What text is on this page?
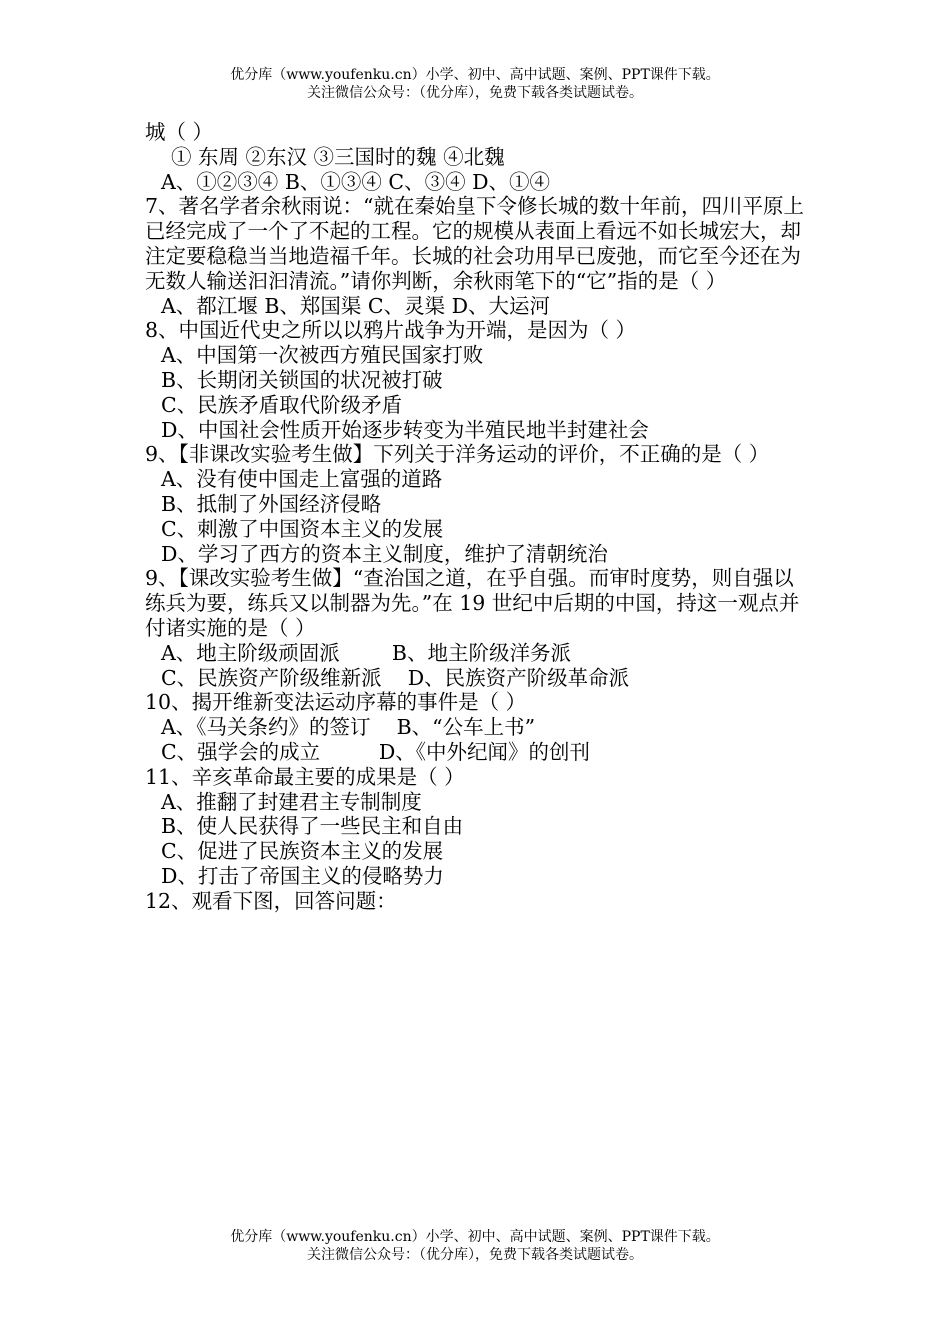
优分库（www.youfenku.cn）小学、初中、高中试题、案例、PPT课件下载。
关注微信公众号：（优分库），免费下载各类试题试卷。
城（ ）
① 东周 ②东汉 ③三国时的魏 ④北魏
A、①②③④ B、①③④ C、③④ D、①④
7、著名学者余秋雨说：“就在秦始皇下令修长城的数十年前，四川平原上已经完成了一个了不起的工程。它的规模从表面上看远不如长城宏大，却注定要稳稳当当地造福千年。长城的社会功用早已废弛，而它至今还在为无数人输送汩汩清流。”请你判断，余秋雨笔下的“它”指的是（ ）
A、都江堰 B、郑国渠 C、灵渠 D、大运河
8、中国近代史之所以以鸦片战争为开端，是因为（ ）
A、中国第一次被西方殖民国家打败
B、长期闭关锁国的状况被打破
C、民族矛盾取代阶级矛盾
D、中国社会性质开始逐步转变为半殖民地半封建社会
9、【非课改实验考生做】下列关于洋务运动的评价，不正确的是（ ）
A、没有使中国走上富强的道路
B、抵制了外国经济侵略
C、刺激了中国资本主义的发展
D、学习了西方的资本主义制度，维护了清朝统治
9、【课改实验考生做】“查治国之道，在乎自强。而审时度势，则自强以练兵为要，练兵又以制器为先。”在 19 世纪中后期的中国，持这一观点并付诸实施的是（ ）
A、地主阶级顽固派        B、地主阶级洋务派
C、民族资产阶级维新派    D、民族资产阶级革命派
10、揭开维新变法运动序幕的事件是（ ）
A、《马关条约》的签订    B、“公车上书”
C、强学会的成立         D、《中外纪闻》的创刊
11、辛亥革命最主要的成果是（ ）
A、推翻了封建君主专制制度
B、使人民获得了一些民主和自由
C、促进了民族资本主义的发展
D、打击了帝国主义的侵略势力
12、观看下图，回答问题：
优分库（www.youfenku.cn）小学、初中、高中试题、案例、PPT课件下载。
关注微信公众号：（优分库），免费下载各类试题试卷。
